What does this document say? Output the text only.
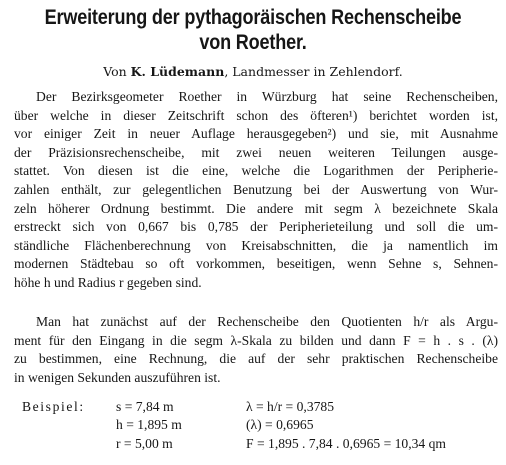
Erweiterung der pythagoräischen Rechenscheibe
von Roether.
Von K. Lüdemann, Landmesser in Zehlendorf.
Der Bezirksgeometer Roether in Würzburg hat seine Rechenscheiben,
über welche in dieser Zeitschrift schon des öfteren¹) berichtet worden ist,
vor einiger Zeit in neuer Auflage herausgegeben²) und sie, mit Ausnahme
der Präzisionsrechenscheibe, mit zwei neuen weiteren Teilungen ausge-
stattet. Von diesen ist die eine, welche die Logarithmen der Peripherie-
zahlen enthält, zur gelegentlichen Benutzung bei der Auswertung von Wur-
zeln höherer Ordnung bestimmt. Die andere mit segm λ bezeichnete Skala
erstreckt sich von 0,667 bis 0,785 der Peripherieteilung und soll die um-
ständliche Flächenberechnung von Kreisabschnitten, die ja namentlich im
modernen Städtebau so oft vorkommen, beseitigen, wenn Sehne s, Sehnen-
höhe h und Radius r gegeben sind.
Man hat zunächst auf der Rechenscheibe den Quotienten h/r als Argu-
ment für den Eingang in die segm λ-Skala zu bilden und dann F = h . s . (λ)
zu bestimmen, eine Rechnung, die auf der sehr praktischen Rechenscheibe
in wenigen Sekunden auszuführen ist.
Beispiel: s = 7,84 m	λ = h/r = 0,3785
h = 1,895 m	(λ) = 0,6965
r = 5,00 m	F = 1,895 . 7,84 . 0,6965 = 10,34 qm
